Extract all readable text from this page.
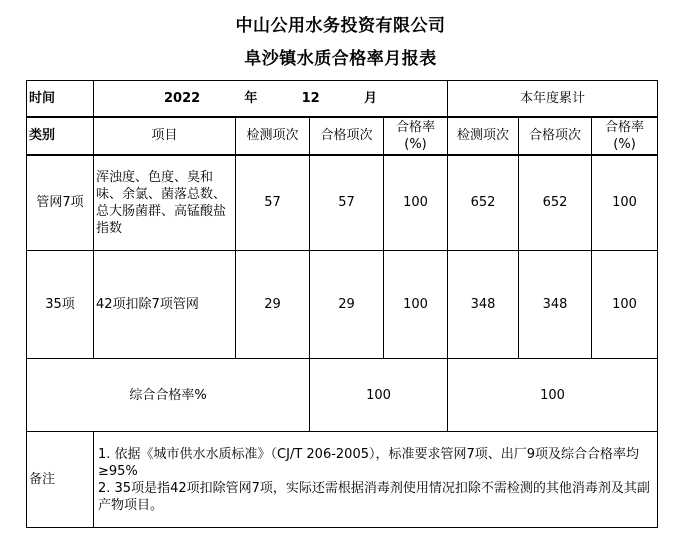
中山公用水务投资有限公司
阜沙镇水质合格率月报表
时间	2022 年 12 月				本年度累计		
类别	项目	检测项次	合格项次	合格率(%)	检测项次	合格项次	合格率(%)
管网7项	浑浊度、色度、臭和味、余氯、菌落总数、总大肠菌群、高锰酸盐指数	57	57	100	652	652	100
35项	42项扣除7项管网	29	29	100	348	348	100
综合合格率%			100		100		
备注	1. 依据《城市供水水质标准》（CJ/T 206-2005），标准要求管网7项、出厂9项及综合合格率均≥95%
2. 35项是指42项扣除管网7项，实际还需根据消毒剂使用情况扣除不需检测的其他消毒剂及其副产物项目。						
